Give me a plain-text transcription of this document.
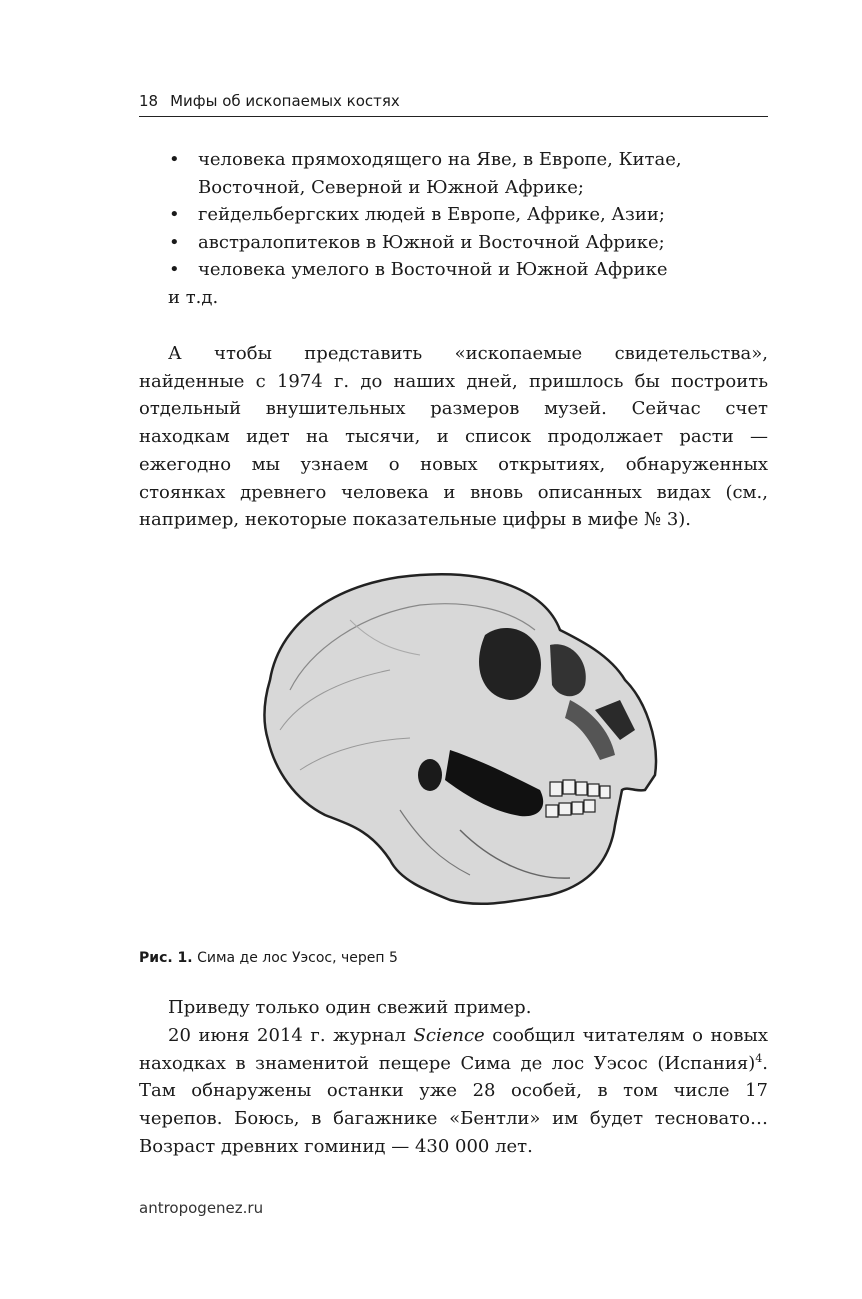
18 Мифы об ископаемых костях
• человека прямоходящего на Яве, в Европе, Китае, Восточной, Северной и Южной Африке;
• гейдельбергских людей в Европе, Африке, Азии;
• австралопитеков в Южной и Восточной Африке;
• человека умелого в Восточной и Южной Африке
и т.д.

А чтобы представить «ископаемые свидетельства», найденные с 1974 г. до наших дней, пришлось бы построить отдельный внушительных размеров музей. Сейчас счет находкам идет на тысячи, и список продолжает расти — ежегодно мы узнаем о новых открытиях, обнаруженных стоянках древнего человека и вновь описанных видах (см., например, некоторые показательные цифры в мифе № 3).

Рис. 1. Сима де лос Уэсос, череп 5

Приведу только один свежий пример.

20 июня 2014 г. журнал Science сообщил читателям о новых находках в знаменитой пещере Сима де лос Уэсос (Испания)$^4$. Там обнаружены останки уже 28 особей, в том числе 17 черепов. Боюсь, в багажнике «Бентли» им будет тесновато… Возраст древних гоминид — 430 000 лет.

antropogenez.ru
